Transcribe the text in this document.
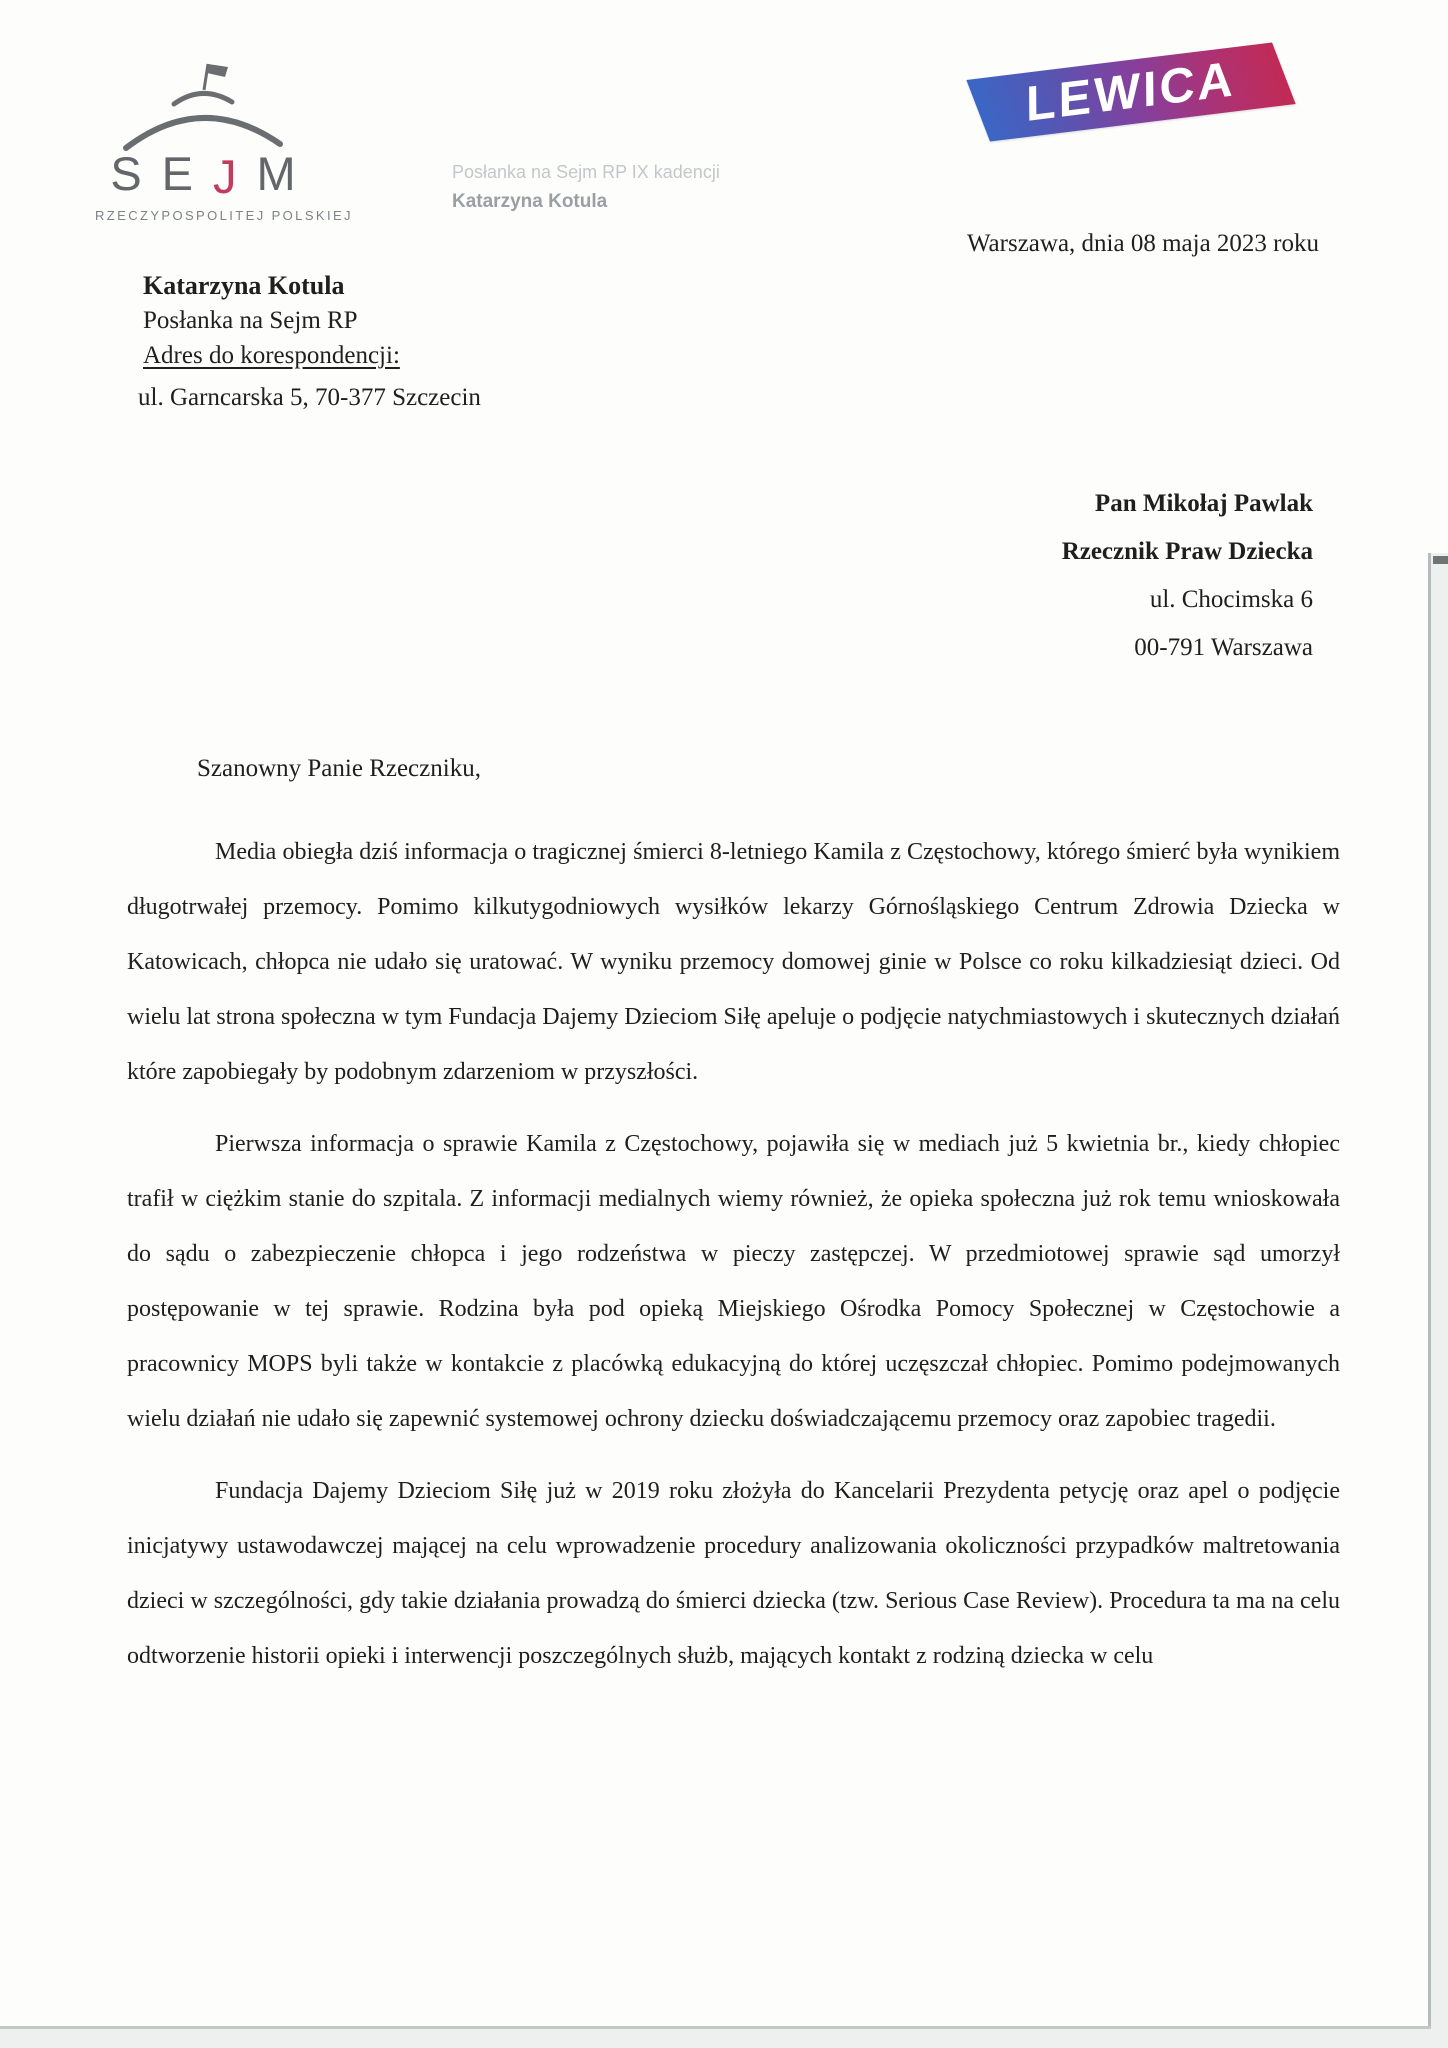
S E J M
RZECZYPOSPOLITEJ POLSKIEJ
Posłanka na Sejm RP IX kadencji
Katarzyna Kotula
LEWICA
Warszawa, dnia 08 maja 2023 roku
Katarzyna Kotula
Posłanka na Sejm RP
Adres do korespondencji:
ul. Garncarska 5, 70-377 Szczecin
Pan Mikołaj Pawlak
Rzecznik Praw Dziecka
ul. Chocimska 6
00-791 Warszawa
Szanowny Panie Rzeczniku,

Media obiegła dziś informacja o tragicznej śmierci 8-letniego Kamila z Częstochowy, którego śmierć była wynikiem długotrwałej przemocy. Pomimo kilkutygodniowych wysiłków lekarzy Górnośląskiego Centrum Zdrowia Dziecka w Katowicach, chłopca nie udało się uratować. W wyniku przemocy domowej ginie w Polsce co roku kilkadziesiąt dzieci. Od wielu lat strona społeczna w tym Fundacja Dajemy Dzieciom Siłę apeluje o podjęcie natychmiastowych i skutecznych działań które zapobiegały by podobnym zdarzeniom w przyszłości.

Pierwsza informacja o sprawie Kamila z Częstochowy, pojawiła się w mediach już 5 kwietnia br., kiedy chłopiec trafił w ciężkim stanie do szpitala. Z informacji medialnych wiemy również, że opieka społeczna już rok temu wnioskowała do sądu o zabezpieczenie chłopca i jego rodzeństwa w pieczy zastępczej. W przedmiotowej sprawie sąd umorzył postępowanie w tej sprawie. Rodzina była pod opieką Miejskiego Ośrodka Pomocy Społecznej w Częstochowie a pracownicy MOPS byli także w kontakcie z placówką edukacyjną do której uczęszczał chłopiec. Pomimo podejmowanych wielu działań nie udało się zapewnić systemowej ochrony dziecku doświadczającemu przemocy oraz zapobiec tragedii.

Fundacja Dajemy Dzieciom Siłę już w 2019 roku złożyła do Kancelarii Prezydenta petycję oraz apel o podjęcie inicjatywy ustawodawczej mającej na celu wprowadzenie procedury analizowania okoliczności przypadków maltretowania dzieci w szczególności, gdy takie działania prowadzą do śmierci dziecka (tzw. Serious Case Review). Procedura ta ma na celu odtworzenie historii opieki i interwencji poszczególnych służb, mających kontakt z rodziną dziecka w celu
